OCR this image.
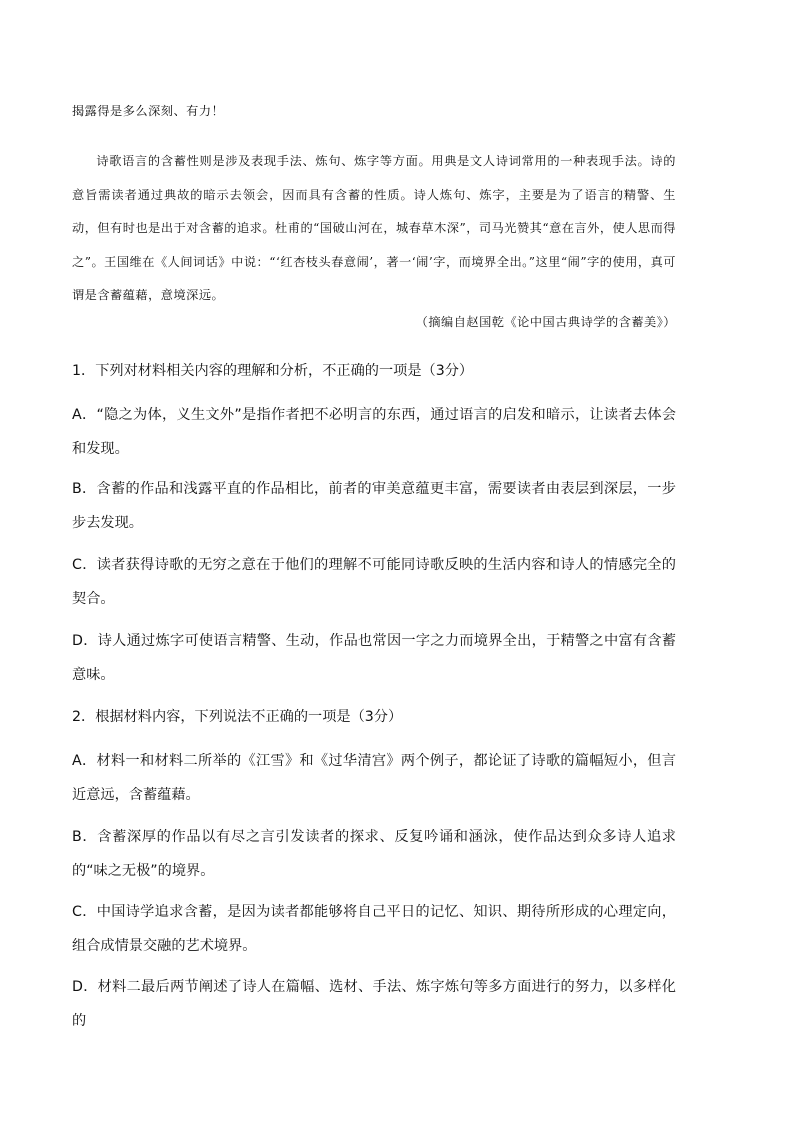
揭露得是多么深刻、有力！
诗歌语言的含蓄性则是涉及表现手法、炼句、炼字等方面。用典是文人诗词常用的一种表现手法。诗的意旨需读者通过典故的暗示去领会，因而具有含蓄的性质。诗人炼句、炼字，主要是为了语言的精警、生动，但有时也是出于对含蓄的追求。杜甫的“国破山河在，城春草木深”，司马光赞其“意在言外，使人思而得之”。王国维在《人间词话》中说：“‘红杏枝头春意闹’，著一‘闹’字，而境界全出。”这里“闹”字的使用，真可谓是含蓄蕴藉，意境深远。
（摘编自赵国乾《论中国古典诗学的含蓄美》）
1．下列对材料相关内容的理解和分析，不正确的一项是（3分）
A．“隐之为体，义生文外”是指作者把不必明言的东西，通过语言的启发和暗示，让读者去体会和发现。
B．含蓄的作品和浅露平直的作品相比，前者的审美意蕴更丰富，需要读者由表层到深层，一步步去发现。
C．读者获得诗歌的无穷之意在于他们的理解不可能同诗歌反映的生活内容和诗人的情感完全的契合。
D．诗人通过炼字可使语言精警、生动，作品也常因一字之力而境界全出，于精警之中富有含蓄意味。
2．根据材料内容，下列说法不正确的一项是（3分）
A．材料一和材料二所举的《江雪》和《过华清宫》两个例子，都论证了诗歌的篇幅短小，但言近意远，含蓄蕴藉。
B．含蓄深厚的作品以有尽之言引发读者的探求、反复吟诵和涵泳，使作品达到众多诗人追求的“味之无极”的境界。
C．中国诗学追求含蓄，是因为读者都能够将自己平日的记忆、知识、期待所形成的心理定向，组合成情景交融的艺术境界。
D．材料二最后两节阐述了诗人在篇幅、选材、手法、炼字炼句等多方面进行的努力，以多样化的
